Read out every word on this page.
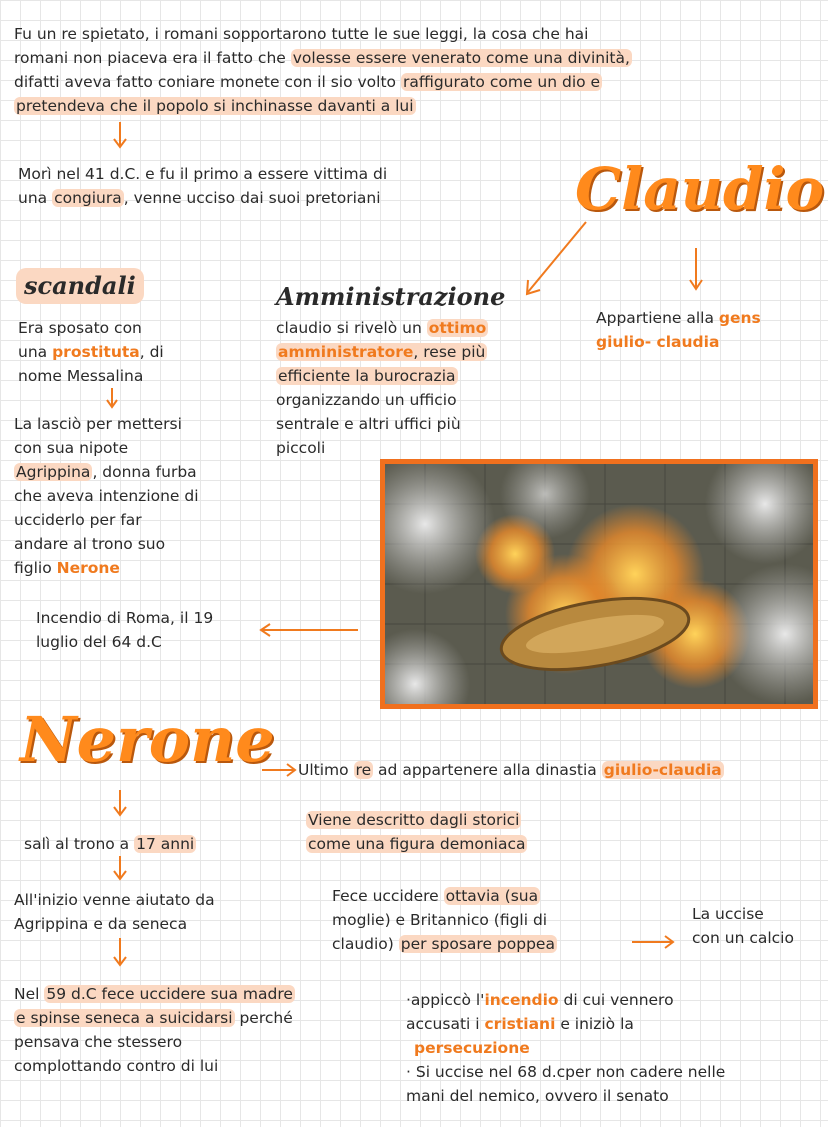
Fu un re spietato, i romani sopportarono tutte le sue leggi, la cosa che hai
romani non piaceva era il fatto che volesse essere venerato come una divinità,
difatti aveva fatto coniare monete con il sio volto raffigurato come un dio e
pretendeva che il popolo si inchinasse davanti a lui
Morì nel 41 d.C. e fu il primo a essere vittima di
una congiura , venne ucciso dai suoi pretoriani	Claudio
Appartiene alla gens
giulio- claudia
scandali
Era sposato con
una prostituta, di
nome Messalina
La lasciò per mettersi
con sua nipote
Agrippina , donna furba
che aveva intenzione di
ucciderlo per far
andare al trono suo
figlio Nerone
Amministrazione
claudio si rivelò un ottimo
amministratore, rese più
efficiente la burocrazia
organizzando un ufficio
sentrale e altri uffici più
piccoli
Incendio di Roma, il 19
luglio del 64 d.C
Nerone Ultimo re ad appartenere alla dinastia giulio-claudia
Viene descritto dagli storici
come una figura demoniaca
salì al trono a 17 anni
All'inizio venne aiutato da
Agrippina e da seneca
Fece uccidere ottavia (sua
moglie) e Britannico (figli di
claudio) per sposare poppea
La uccise
con un calcio
Nel 59 d.C fece uccidere sua madre
e spinse seneca a suicidarsi perché
pensava che stessero
complottando contro di lui
·appiccò l'incendio di cui vennero
accusati i cristiani e iniziò la
persecuzione
· Si uccise nel 68 d.cper non cadere nelle
mani del nemico, ovvero il senato
